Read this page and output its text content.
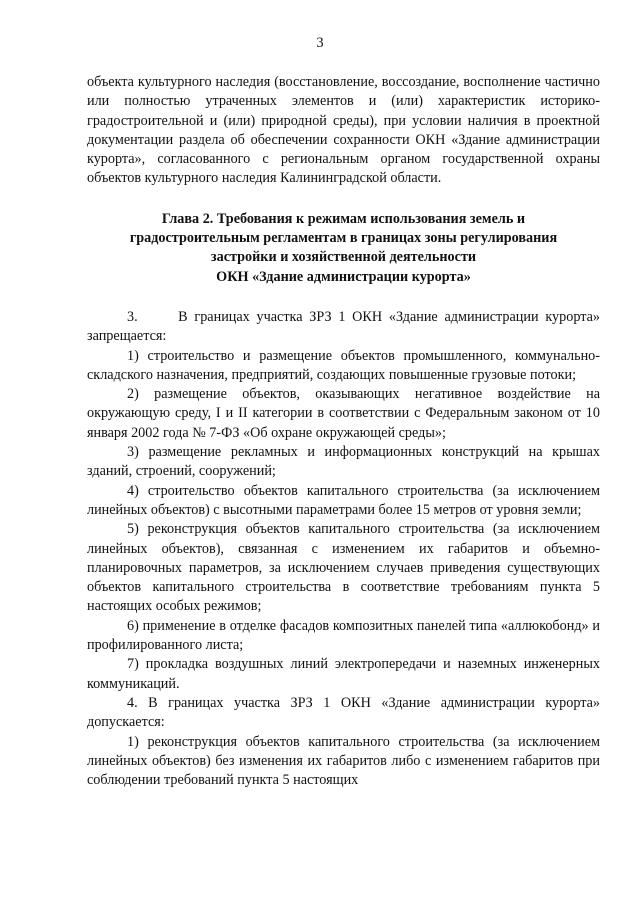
3

объекта культурного наследия (восстановление, воссоздание, восполнение частично или полностью утраченных элементов и (или) характеристик историко-градостроительной и (или) природной среды), при условии наличия в проектной документации раздела об обеспечении сохранности ОКН «Здание администрации курорта», согласованного с региональным органом государственной охраны объектов культурного наследия Калининградской области.

Глава 2. Требования к режимам использования земель и
градостроительным регламентам в границах зоны регулирования
застройки и хозяйственной деятельности
ОКН «Здание администрации курорта»

3.      В границах участка ЗРЗ 1 ОКН «Здание администрации курорта» запрещается:

1) строительство и размещение объектов промышленного, коммунально-складского назначения, предприятий, создающих повышенные грузовые потоки;

2) размещение объектов, оказывающих негативное воздействие на окружающую среду, I и II категории в соответствии с Федеральным законом от 10 января 2002 года № 7-ФЗ «Об охране окружающей среды»;

3) размещение рекламных и информационных конструкций на крышах зданий, строений, сооружений;

4) строительство объектов капитального строительства (за исключением линейных объектов) с высотными параметрами более 15 метров от уровня земли;

5) реконструкция объектов капитального строительства (за исключением линейных объектов), связанная с изменением их габаритов и объемно-планировочных параметров, за исключением случаев приведения существующих объектов капитального строительства в соответствие требованиям пункта 5 настоящих особых режимов;

6) применение в отделке фасадов композитных панелей типа «аллюкобонд» и профилированного листа;

7) прокладка воздушных линий электропередачи и наземных инженерных коммуникаций.

4. В границах участка ЗРЗ 1 ОКН «Здание администрации курорта» допускается:

1) реконструкция объектов капитального строительства (за исключением линейных объектов) без изменения их габаритов либо с изменением габаритов при соблюдении требований пункта 5 настоящих
